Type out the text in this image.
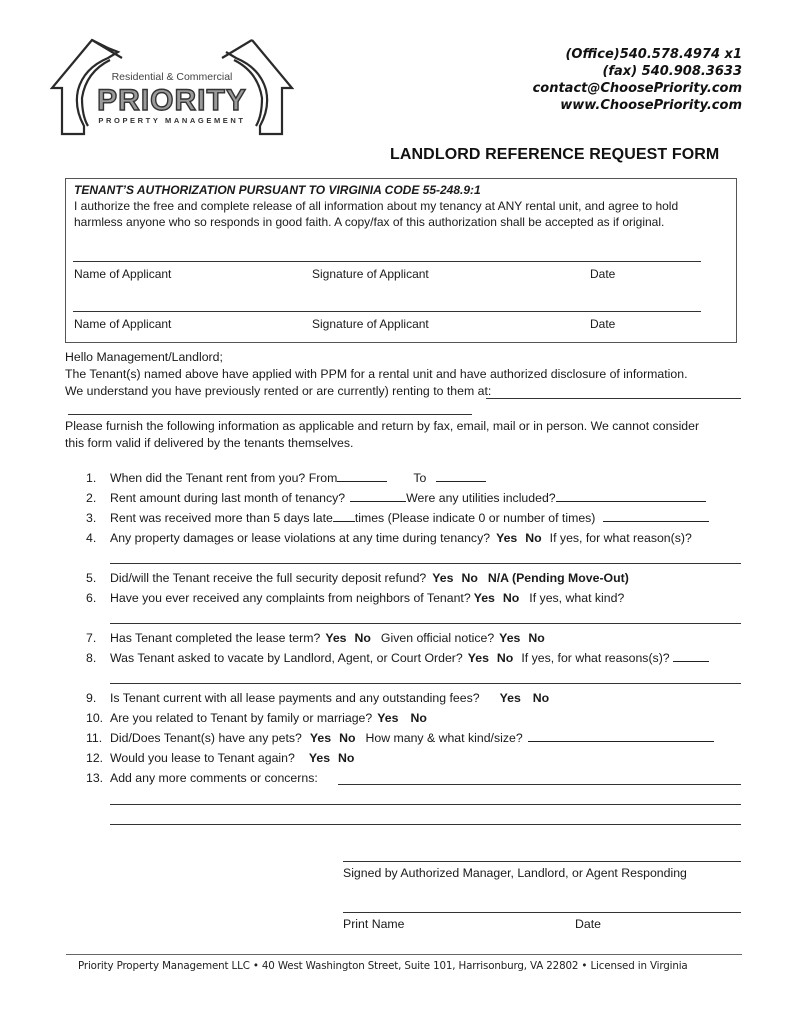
Residential & Commercial
PRIORITY
PROPERTY MANAGEMENT
(Office)540.578.4974 x1
(fax) 540.908.3633
contact@ChoosePriority.com
www.ChoosePriority.com
LANDLORD REFERENCE REQUEST FORM
TENANT’S AUTHORIZATION PURSUANT TO VIRGINIA CODE 55-248.9:1
I authorize the free and complete release of all information about my tenancy at ANY rental unit, and agree to hold harmless anyone who so responds in good faith. A copy/fax of this authorization shall be accepted as if original.
Name of Applicant	Signature of Applicant	Date
Name of Applicant	Signature of Applicant	Date
Hello Management/Landlord;
The Tenant(s) named above have applied with PPM for a rental unit and have authorized disclosure of information.
We understand you have previously rented or are currently) renting to them at:
Please furnish the following information as applicable and return by fax, email, mail or in person. We cannot consider
this form valid if delivered by the tenants themselves.
1. When did the Tenant rent from you? From	To
2. Rent amount during last month of tenancy?	Were any utilities included?
3. Rent was received more than 5 days late times (Please indicate 0 or number of times)
4. Any property damages or lease violations at any time during tenancy? Yes No If yes, for what reason(s)?
5. Did/will the Tenant receive the full security deposit refund? Yes No N/A (Pending Move-Out)
6. Have you ever received any complaints from neighbors of Tenant? Yes No If yes, what kind?
7. Has Tenant completed the lease term? Yes No Given official notice? Yes No
8. Was Tenant asked to vacate by Landlord, Agent, or Court Order? Yes No If yes, for what reasons(s)?
9. Is Tenant current with all lease payments and any outstanding fees? Yes No
10. Are you related to Tenant by family or marriage? Yes No
11. Did/Does Tenant(s) have any pets? Yes No How many & what kind/size?
12. Would you lease to Tenant again? Yes No
13. Add any more comments or concerns:
Signed by Authorized Manager, Landlord, or Agent Responding
Print Name	Date
Priority Property Management LLC • 40 West Washington Street, Suite 101, Harrisonburg, VA 22802 • Licensed in Virginia
